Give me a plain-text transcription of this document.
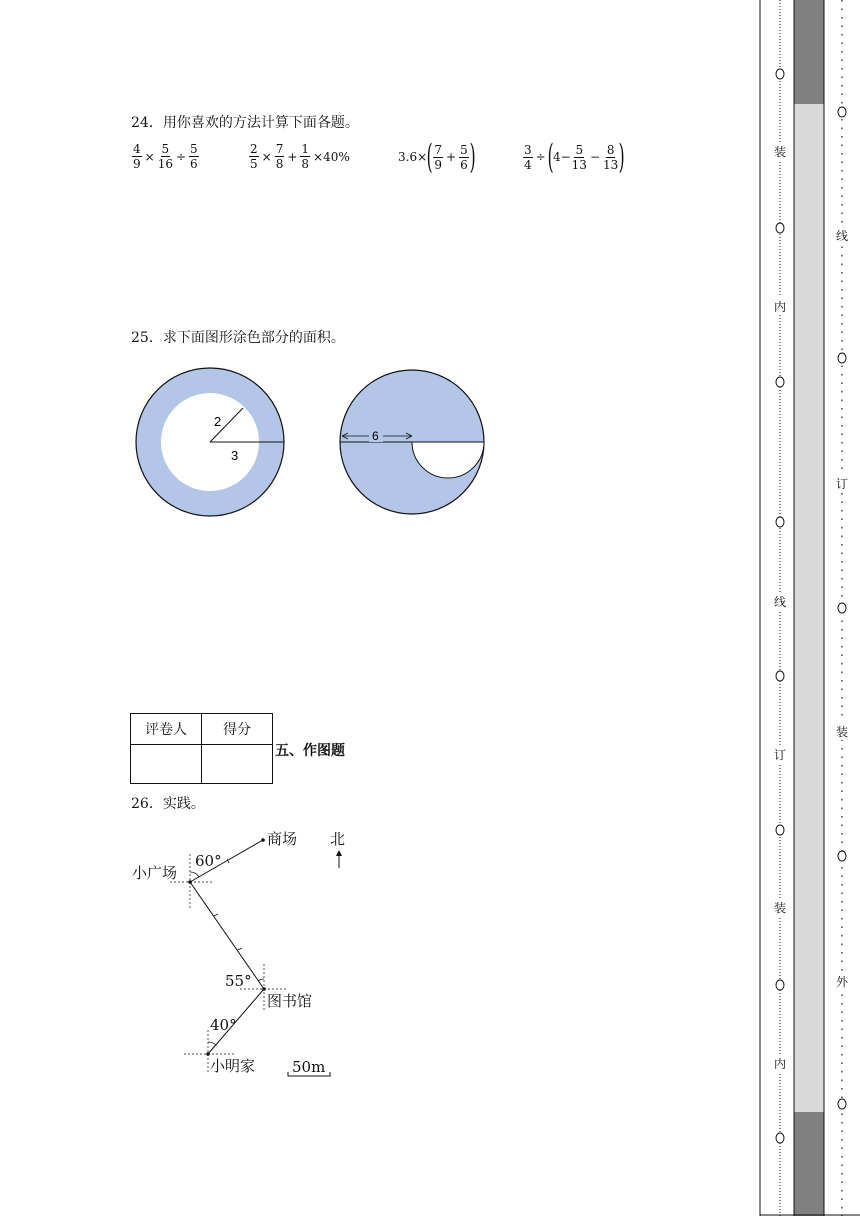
24．用你喜欢的方法计算下面各题。
$\frac{4}{9} \times \frac{5}{16} \div \frac{5}{6}$	$\frac{2}{5} \times \frac{7}{8} + \frac{1}{8} \times 40\%$	3.6× ( $\frac{7}{9} + \frac{5}{6}$ )	$\frac{3}{4}$ ÷ ( $4- \frac{5}{13} - \frac{8}{13}$ )
25．求下面图形涂色部分的面积。
2
3
6
评卷人	得分

五、作图题
26．实践。
北
商场
小广场
图书馆
小明家
60°
55°
40°
50m
装
内
线
订
装
内
线
订
装
外
